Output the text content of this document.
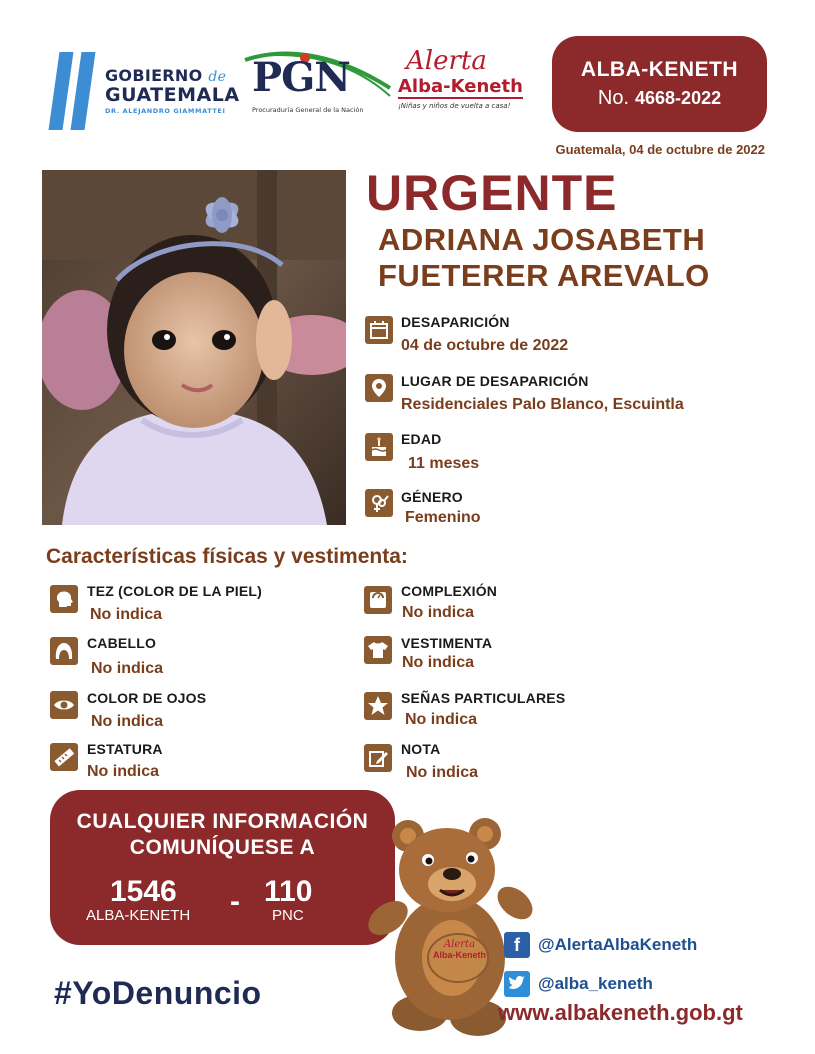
GOBIERNO de
GUATEMALA
DR. ALEJANDRO GIAMMATTEI
PGN
Procuraduría General de la Nación
Alerta
Alba-Keneth
¡Niñas y niños de vuelta a casa!
ALBA-KENETH
No. 4668-2022
Guatemala, 04 de octubre de 2022
URGENTE
ADRIANA JOSABETH
FUETERER AREVALO
DESAPARICIÓN
04 de octubre de 2022
LUGAR DE DESAPARICIÓN
Residenciales Palo Blanco, Escuintla
EDAD
11 meses
GÉNERO
Femenino
Características físicas y vestimenta:
TEZ (COLOR DE LA PIEL)
No indica
CABELLO
No indica
COLOR DE OJOS
No indica
ESTATURA
No indica
COMPLEXIÓN
No indica
VESTIMENTA
No indica
SEÑAS PARTICULARES
No indica
NOTA
No indica
CUALQUIER INFORMACIÓN
COMUNÍQUESE A
1546
ALBA-KENETH - 110
PNC
#YoDenuncio
Alerta
Alba-Keneth	f	@AlertaAlbaKeneth
@alba_keneth
www.albakeneth.gob.gt
